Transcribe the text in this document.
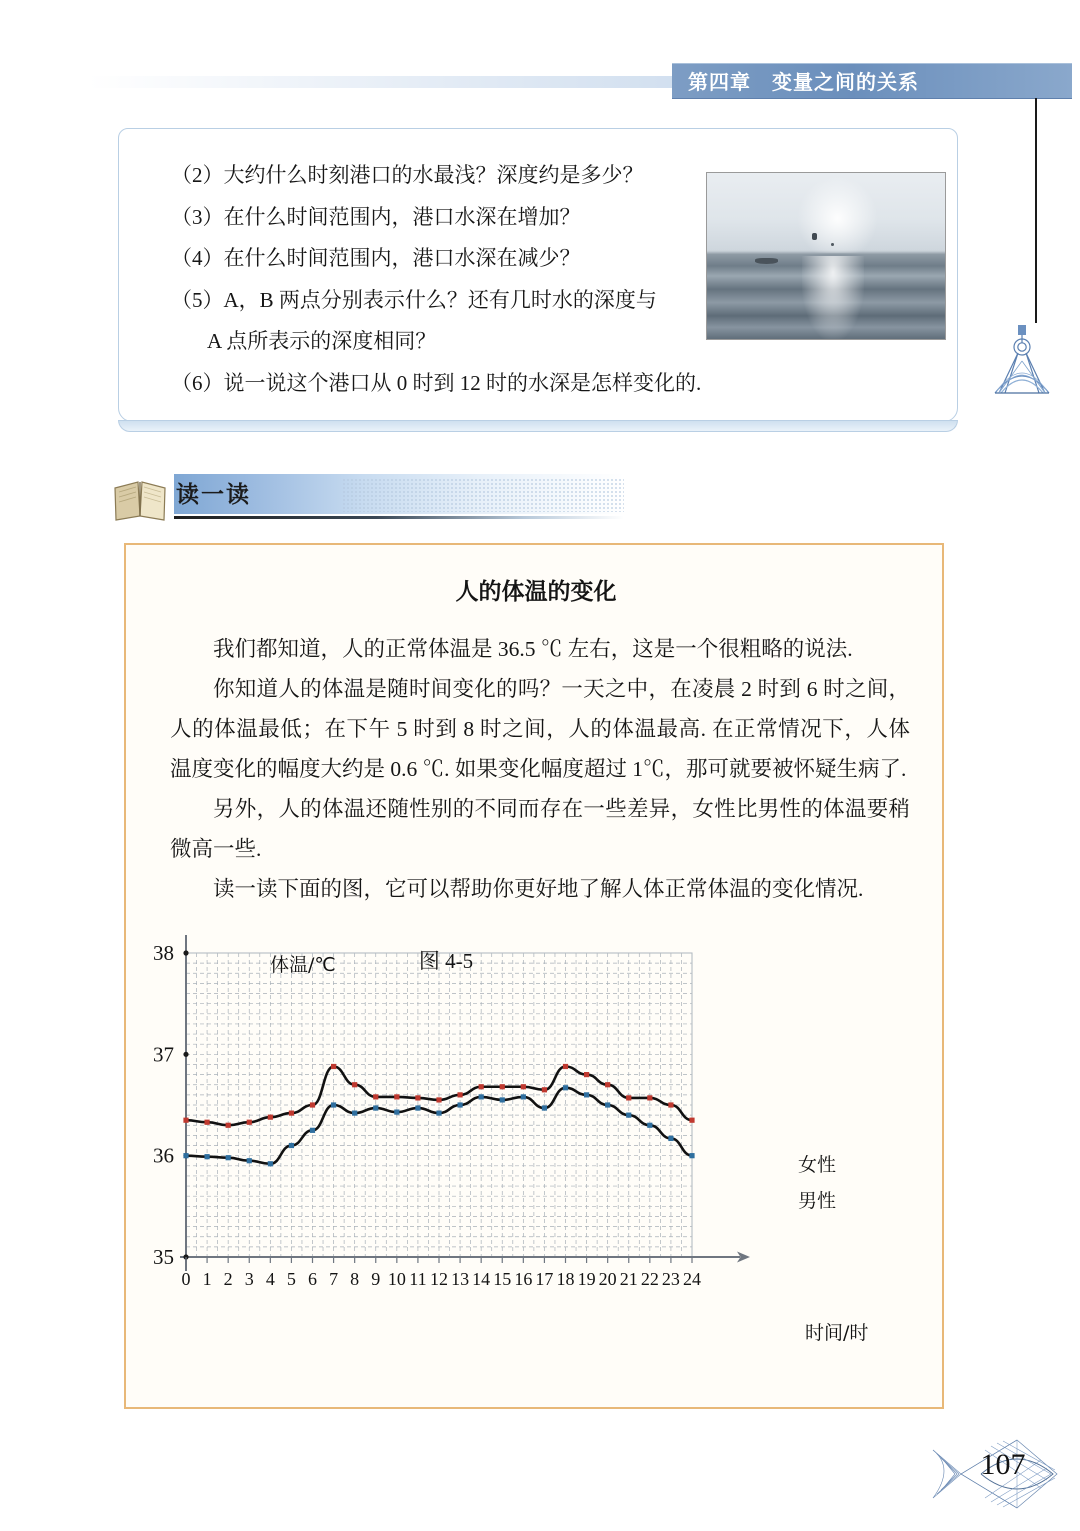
第四章　变量之间的关系
（2）大约什么时刻港口的水最浅？深度约是多少？
（3）在什么时间范围内，港口水深在增加？
（4）在什么时间范围内，港口水深在减少？
（5）A，B 两点分别表示什么？还有几时水的深度与
A 点所表示的深度相同？
（6）说一说这个港口从 0 时到 12 时的水深是怎样变化的.
读一读
人的体温的变化

我们都知道，人的正常体温是 36.5 ℃ 左右，这是一个很粗略的说法.

你知道人的体温是随时间变化的吗？一天之中，在凌晨 2 时到 6 时之间，人的体温最低；在下午 5 时到 8 时之间，人的体温最高. 在正常情况下，人体温度变化的幅度大约是 0.6 ℃. 如果变化幅度超过 1℃，那可就要被怀疑生病了.

另外，人的体温还随性别的不同而存在一些差异，女性比男性的体温要稍微高一些.

读一读下面的图，它可以帮助你更好地了解人体正常体温的变化情况.

38
37
36
35
0 1 2 3 4 5 6 7 8 9 10 11 12 13 14 15 16 17 18 19 20 21 22 23 24
图 4-5
体温/℃
时间/时
女性
男性
107
